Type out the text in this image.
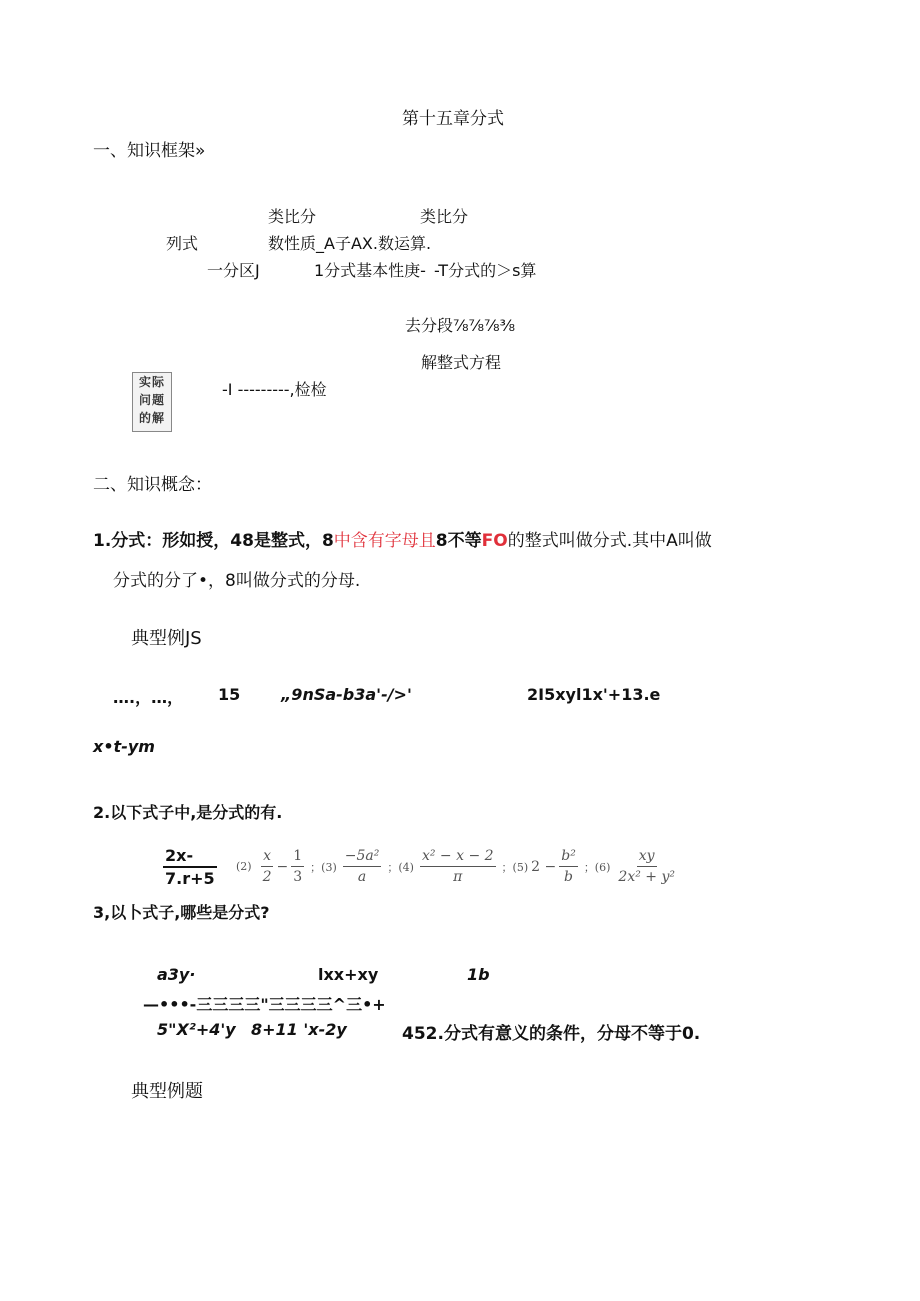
第十五章分式
一、知识框架»
类比分	类比分
列式	数性质_A子AX.数运算.
一分区J	1分式基本性庚- -T分式的＞s算
去分段⅞⅞⅞⅜
解整式方程
实际
问题
的解
-I ---------,检检
二、知识概念：
1.分式：形如授，48是整式，8中含有字母且8不等FO的整式叫做分式.其中A叫做
分式的分了•，8叫做分式的分母.
典型例JS
….，…， 15	„9nSa-b3a'-/>'	2I5xyl1x'+13.e
x•t-ym
2.以下式子中,是分式的有.
$\frac{2x-}{7.r+5} (2) \frac{x}{2} - \frac{1}{3}$ ；$(3) \frac{\text{−5a²}}{a}$ ；$(4) \frac{\text{x² − x − 2}}{\pi}$ ；(5) $2 - \frac{\text{b²}}{b}$ ；$(6) \frac{xy}{\text{2x² + y²}}$
3,以卜式子,哪些是分式?
a3y·	lxx+xy	1b
—•••-三三三三"三三三三^三•+
5"X²+4'y 8+11 'x-2y	452.分式有意义的条件，分母不等于0.
典型例题
